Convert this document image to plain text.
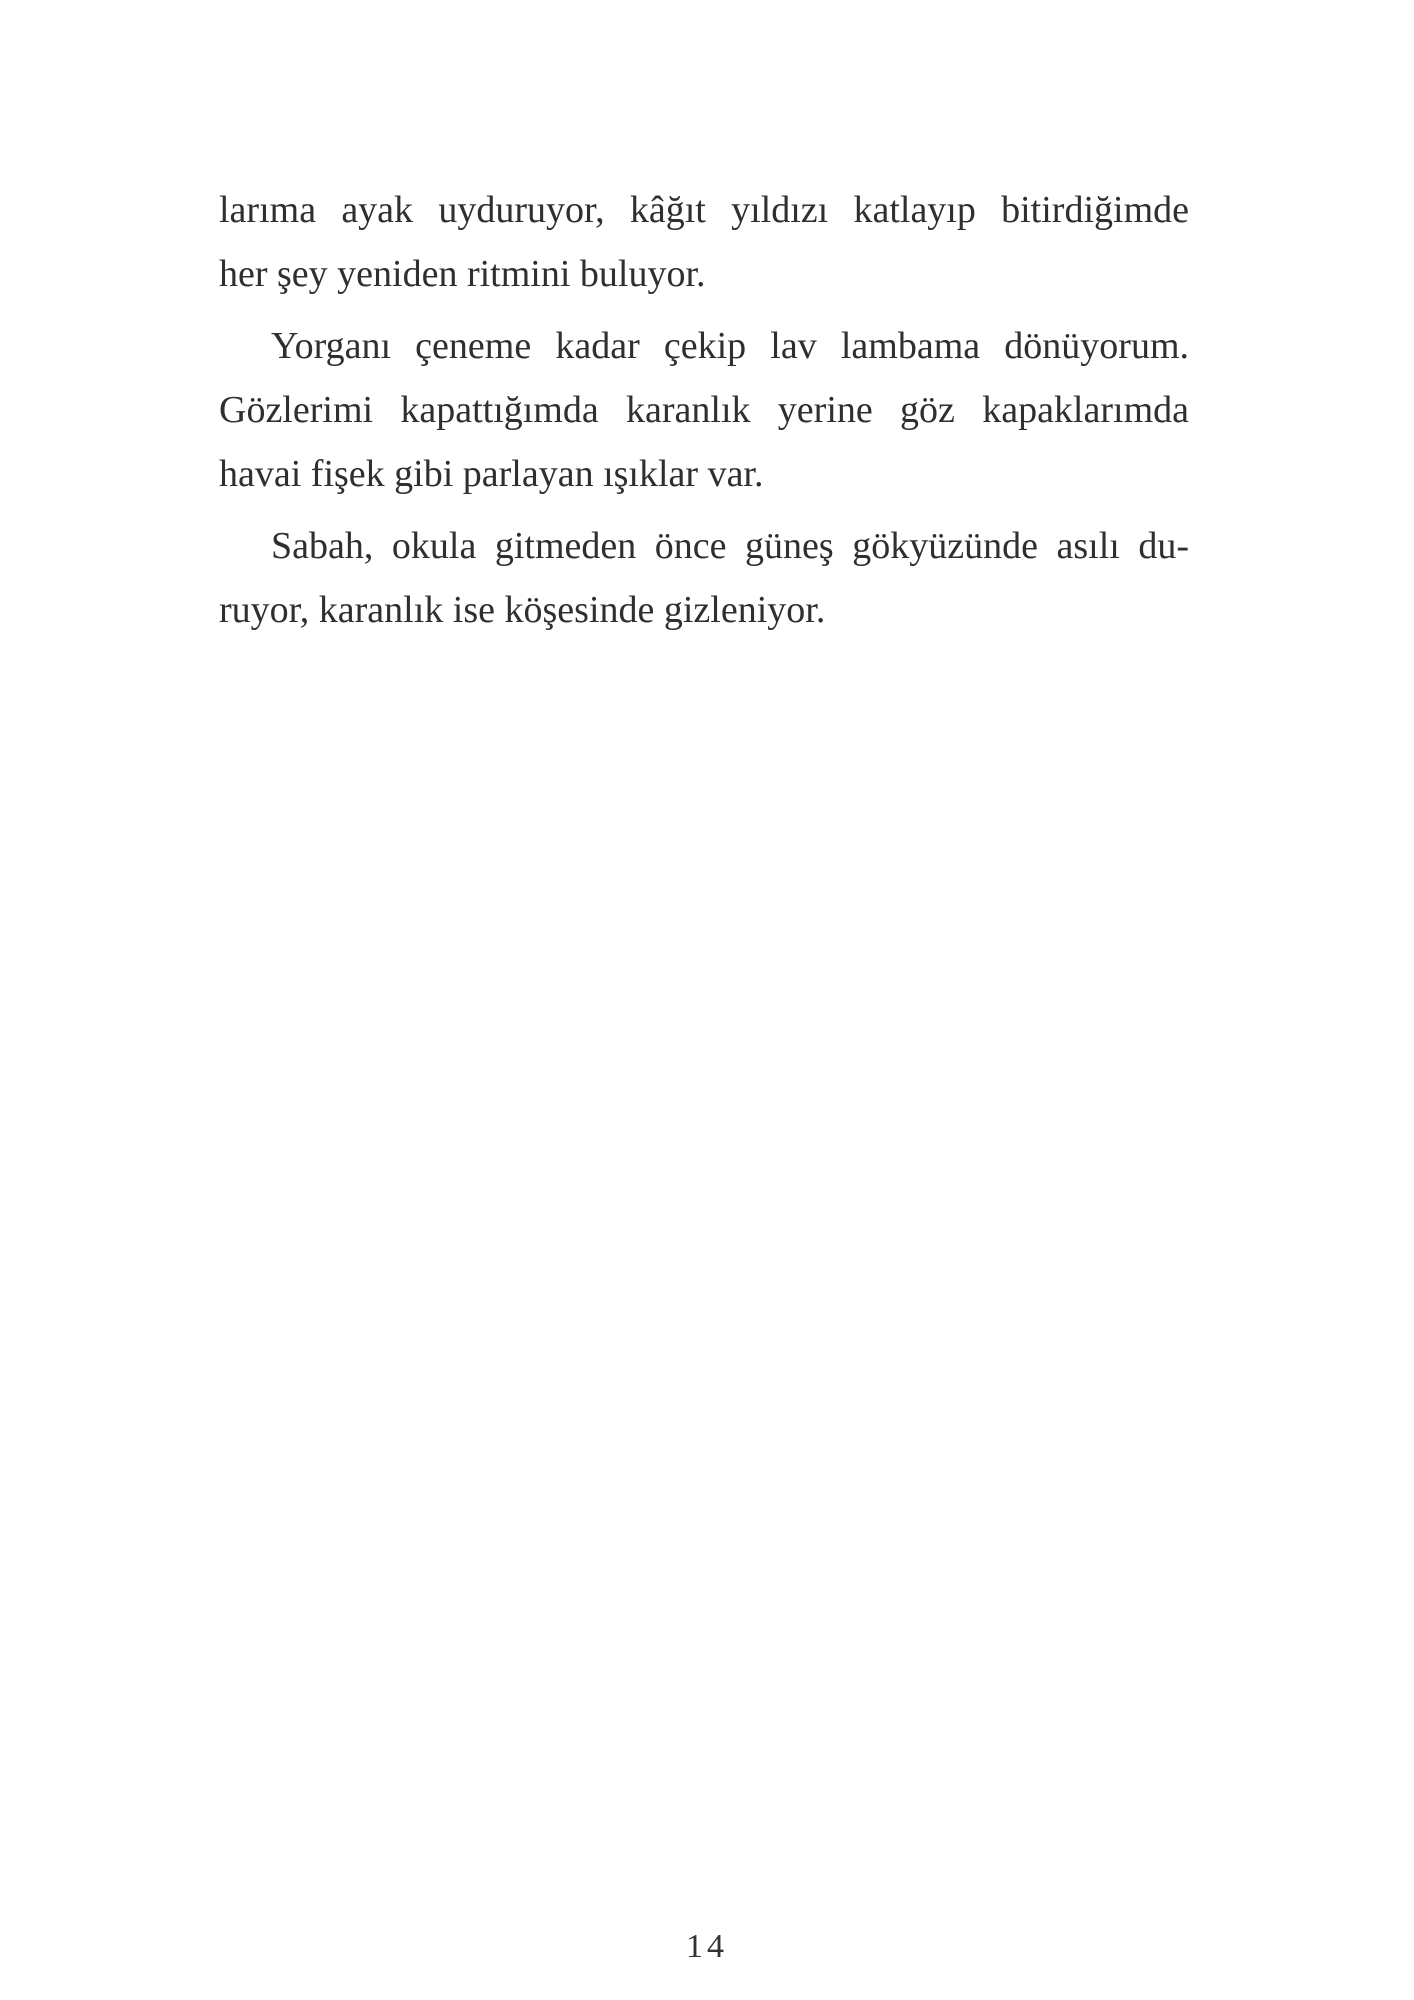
larıma ayak uyduruyor, kâğıt yıldızı katlayıp bitirdiğimde
her şey yeniden ritmini buluyor.
Yorganı çeneme kadar çekip lav lambama dönüyorum.
Gözlerimi kapattığımda karanlık yerine göz kapaklarımda
havai fişek gibi parlayan ışıklar var.
Sabah, okula gitmeden önce güneş gökyüzünde asılı du-
ruyor, karanlık ise köşesinde gizleniyor.
14
